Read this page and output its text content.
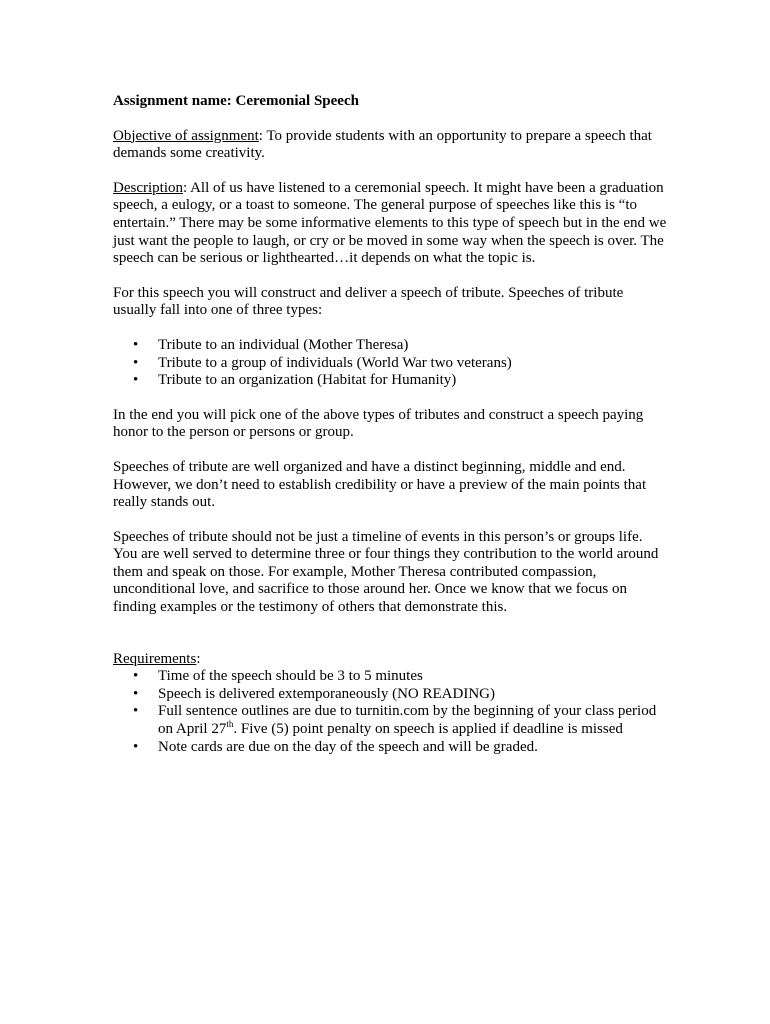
Assignment name: Ceremonial Speech

Objective of assignment: To provide students with an opportunity to prepare a speech that demands some creativity.

Description: All of us have listened to a ceremonial speech. It might have been a graduation speech, a eulogy, or a toast to someone. The general purpose of speeches like this is “to entertain.” There may be some informative elements to this type of speech but in the end we just want the people to laugh, or cry or be moved in some way when the speech is over. The speech can be serious or lighthearted…it depends on what the topic is.

For this speech you will construct and deliver a speech of tribute. Speeches of tribute usually fall into one of three types:

• Tribute to an individual (Mother Theresa)
• Tribute to a group of individuals (World War two veterans)
• Tribute to an organization (Habitat for Humanity)

In the end you will pick one of the above types of tributes and construct a speech paying honor to the person or persons or group.

Speeches of tribute are well organized and have a distinct beginning, middle and end. However, we don’t need to establish credibility or have a preview of the main points that really stands out.

Speeches of tribute should not be just a timeline of events in this person’s or groups life. You are well served to determine three or four things they contribution to the world around them and speak on those. For example, Mother Theresa contributed compassion, unconditional love, and sacrifice to those around her. Once we know that we focus on finding examples or the testimony of others that demonstrate this.

Requirements:

• Time of the speech should be 3 to 5 minutes
• Speech is delivered extemporaneously (NO READING)
• Full sentence outlines are due to turnitin.com by the beginning of your class period on April 27th. Five (5) point penalty on speech is applied if deadline is missed
• Note cards are due on the day of the speech and will be graded.
